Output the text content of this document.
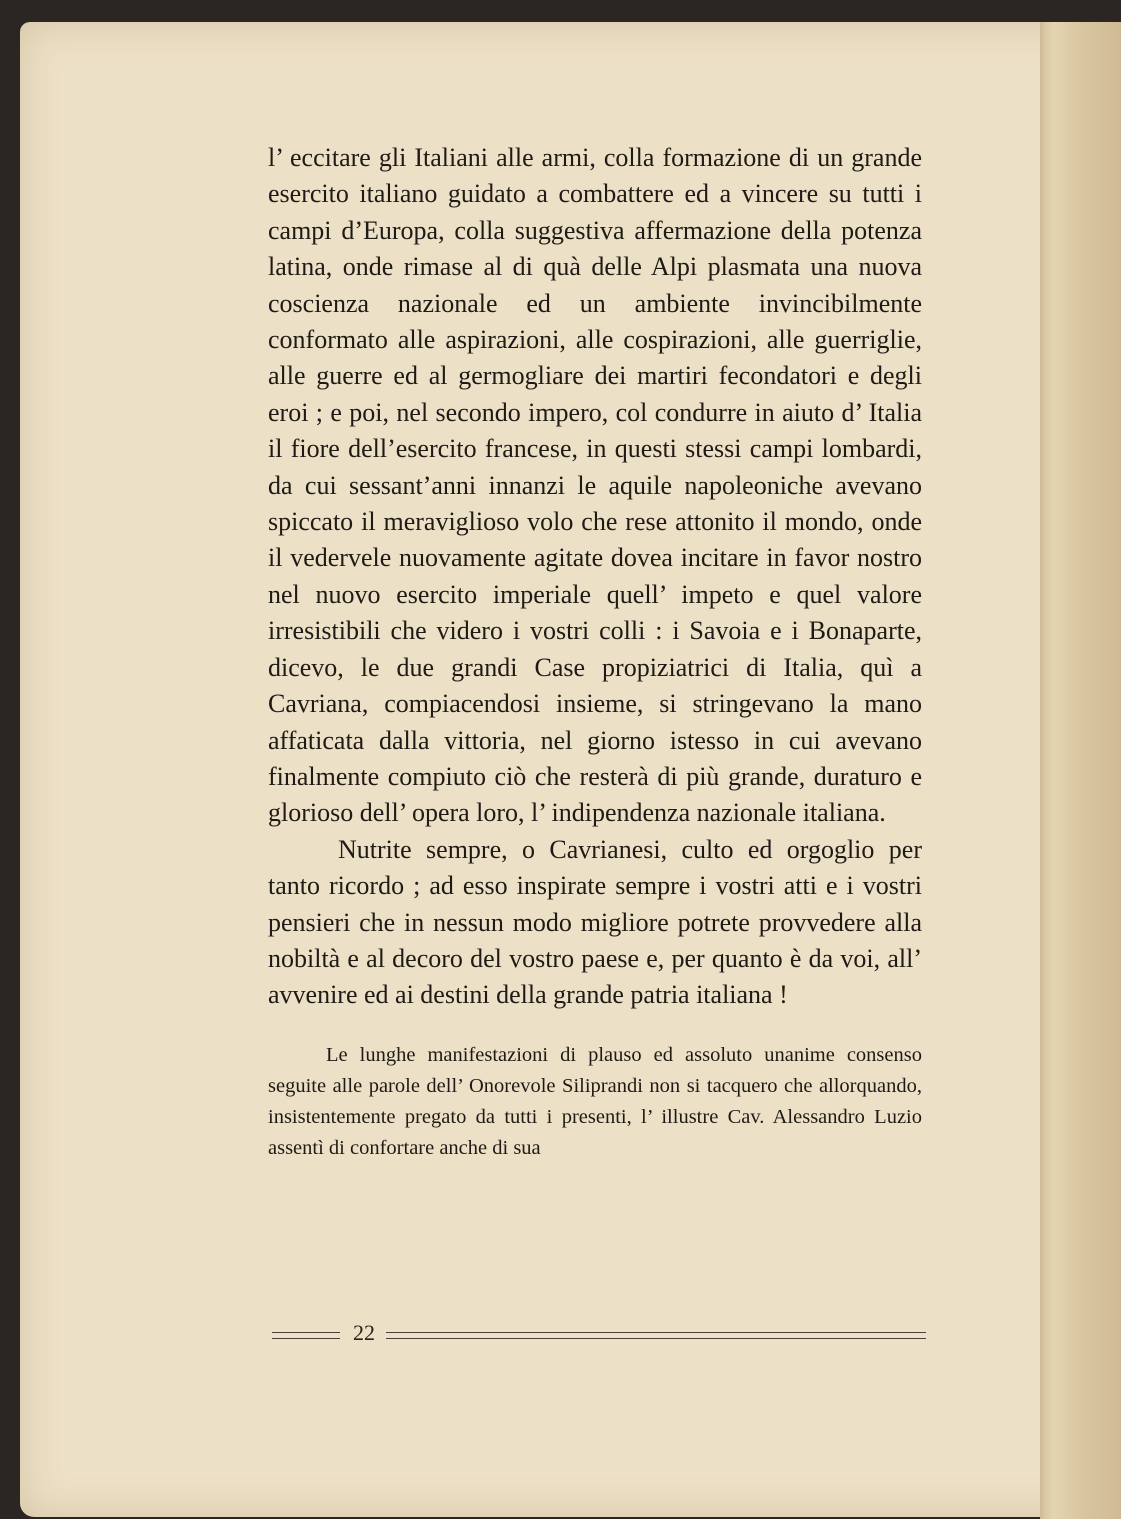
l’ eccitare gli Italiani alle armi, colla formazione di un grande esercito italiano guidato a combattere ed a vincere su tutti i campi d’Europa, colla suggestiva affermazione della potenza latina, onde rimase al di quà delle Alpi plasmata una nuova coscienza nazionale ed un ambiente invincibilmente conformato alle aspirazioni, alle cospirazioni, alle guerriglie, alle guerre ed al germogliare dei martiri fecondatori e degli eroi ; e poi, nel secondo impero, col condurre in aiuto d’ Italia il fiore dell’esercito francese, in questi stessi campi lombardi, da cui sessant’anni innanzi le aquile napoleoniche avevano spiccato il meraviglioso volo che rese attonito il mondo, onde il vedervele nuovamente agitate dovea incitare in favor nostro nel nuovo esercito imperiale quell’ impeto e quel valore irresistibili che videro i vostri colli : i Savoia e i Bonaparte, dicevo, le due grandi Case propiziatrici di Italia, quì a Cavriana, compiacendosi insieme, si stringevano la mano affaticata dalla vittoria, nel giorno istesso in cui avevano finalmente compiuto ciò che resterà di più grande, duraturo e glorioso dell’ opera loro, l’ indipendenza nazionale italiana.

Nutrite sempre, o Cavrianesi, culto ed orgoglio per tanto ricordo ; ad esso inspirate sempre i vostri atti e i vostri pensieri che in nessun modo migliore potrete provvedere alla nobiltà e al decoro del vostro paese e, per quanto è da voi, all’ avvenire ed ai destini della grande patria italiana !

Le lunghe manifestazioni di plauso ed assoluto unanime consenso seguite alle parole dell’ Onorevole Siliprandi non si tacquero che allorquando, insistentemente pregato da tutti i presenti, l’ illustre Cav. Alessandro Luzio assentì di confortare anche di sua

22
